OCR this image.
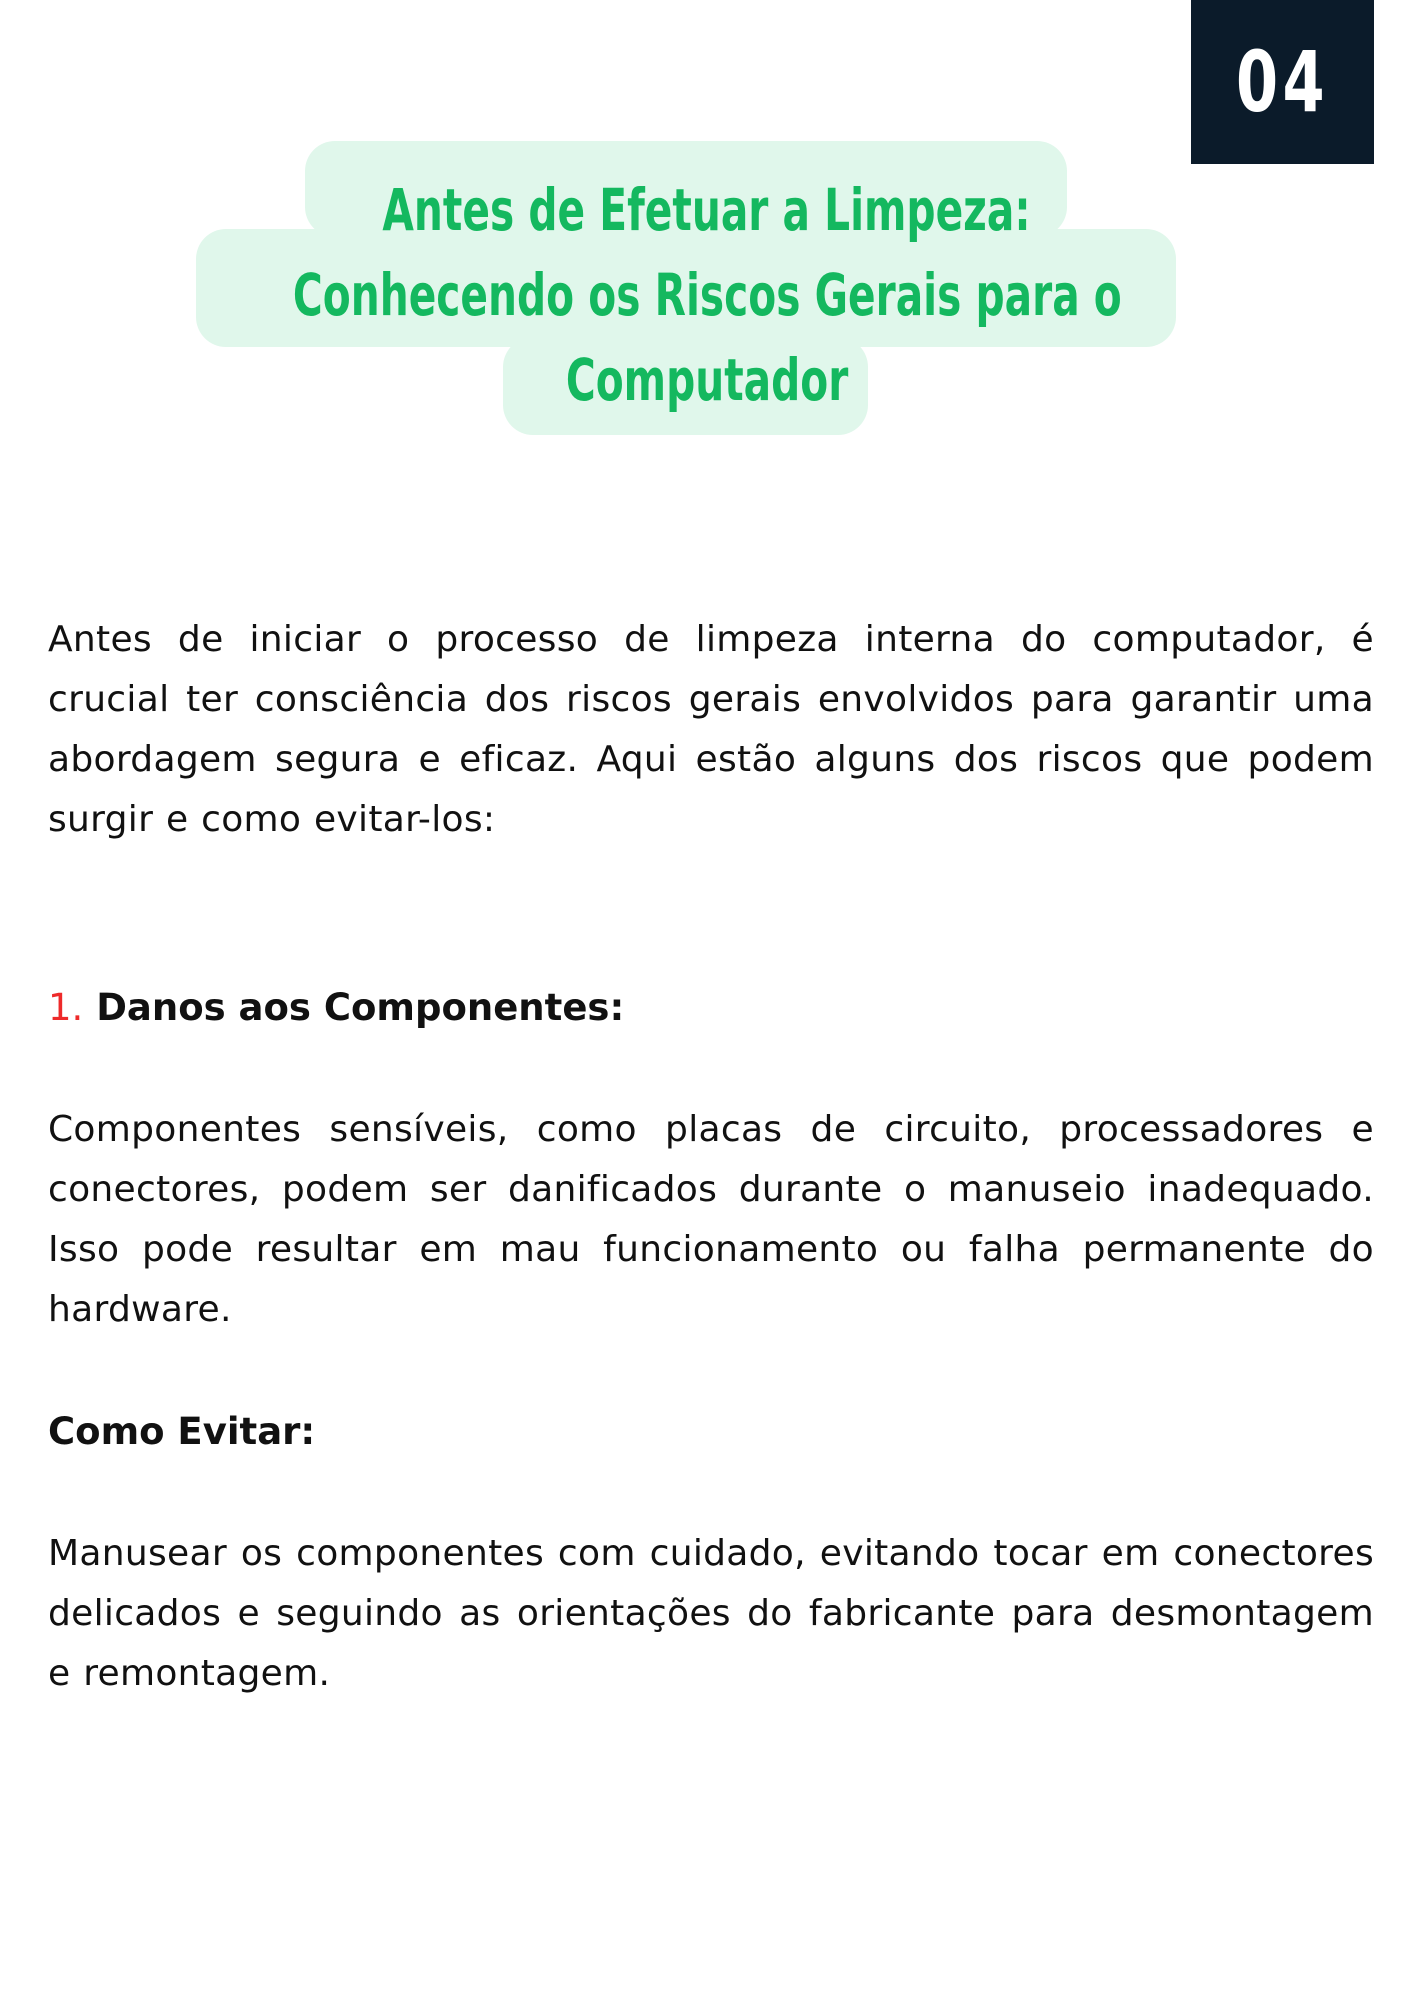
04
Antes de Efetuar a Limpeza:
Conhecendo os Riscos Gerais para o
Computador

Antes de iniciar o processo de limpeza interna do computador, é crucial ter consciência dos riscos gerais envolvidos para garantir uma abordagem segura e eficaz. Aqui estão alguns dos riscos que podem surgir e como evitar-los:

1. Danos aos Componentes:

Componentes sensíveis, como placas de circuito, processadores e conectores, podem ser danificados durante o manuseio inadequado. Isso pode resultar em mau funcionamento ou falha permanente do hardware.

Como Evitar:

Manusear os componentes com cuidado, evitando tocar em conectores delicados e seguindo as orientações do fabricante para desmontagem e remontagem.
